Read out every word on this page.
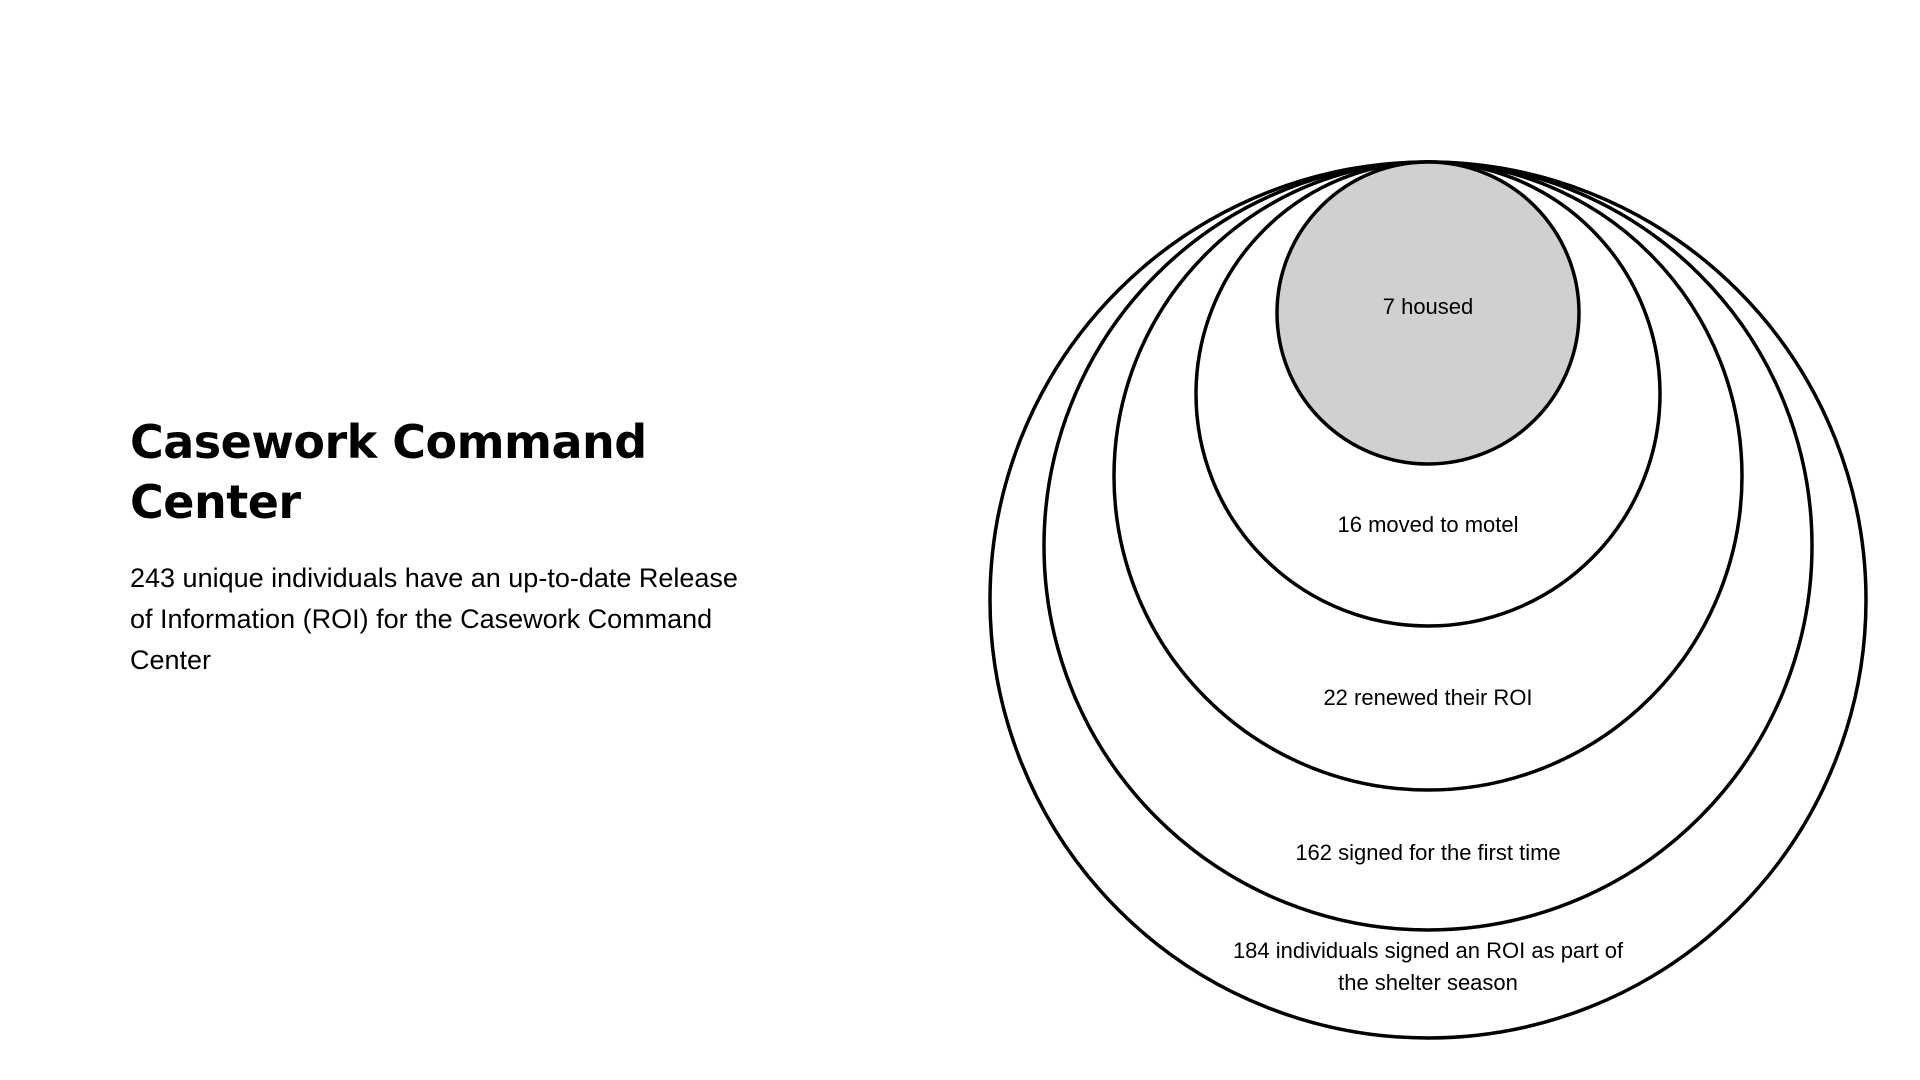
Casework Command Center

243 unique individuals have an up-to-date Release of Information (ROI) for the Casework Command Center

184 individuals signed an ROI as part of
the shelter season
162 signed for the first time
22 renewed their ROI
16 moved to motel
7 housed
